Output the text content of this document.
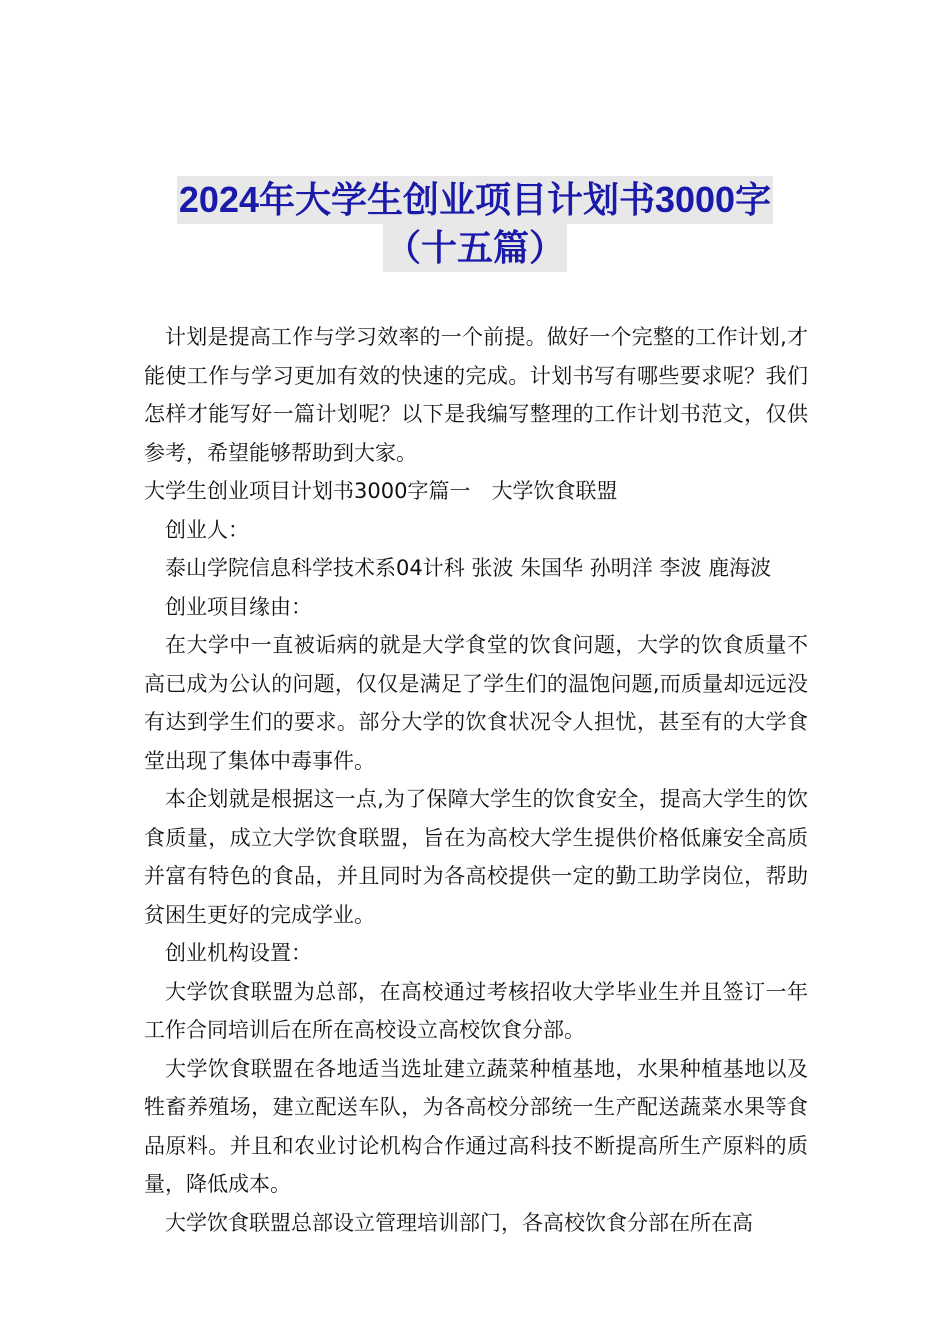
2024年大学生创业项目计划书3000字
（十五篇）

计划是提高工作与学习效率的一个前提。做好一个完整的工作计划,才能使工作与学习更加有效的快速的完成。计划书写有哪些要求呢？我们怎样才能写好一篇计划呢？以下是我编写整理的工作计划书范文，仅供参考，希望能够帮助到大家。

大学生创业项目计划书3000字篇一　大学饮食联盟

创业人：

泰山学院信息科学技术系04计科 张波 朱国华 孙明洋 李波 鹿海波

创业项目缘由：

在大学中一直被诟病的就是大学食堂的饮食问题，大学的饮食质量不高已成为公认的问题，仅仅是满足了学生们的温饱问题,而质量却远远没有达到学生们的要求。部分大学的饮食状况令人担忧，甚至有的大学食堂出现了集体中毒事件。

本企划就是根据这一点,为了保障大学生的饮食安全，提高大学生的饮食质量，成立大学饮食联盟，旨在为高校大学生提供价格低廉安全高质并富有特色的食品，并且同时为各高校提供一定的勤工助学岗位，帮助贫困生更好的完成学业。

创业机构设置：

大学饮食联盟为总部，在高校通过考核招收大学毕业生并且签订一年工作合同培训后在所在高校设立高校饮食分部。

大学饮食联盟在各地适当选址建立蔬菜种植基地，水果种植基地以及牲畜养殖场，建立配送车队，为各高校分部统一生产配送蔬菜水果等食品原料。并且和农业讨论机构合作通过高科技不断提高所生产原料的质量，降低成本。

大学饮食联盟总部设立管理培训部门，各高校饮食分部在所在高
